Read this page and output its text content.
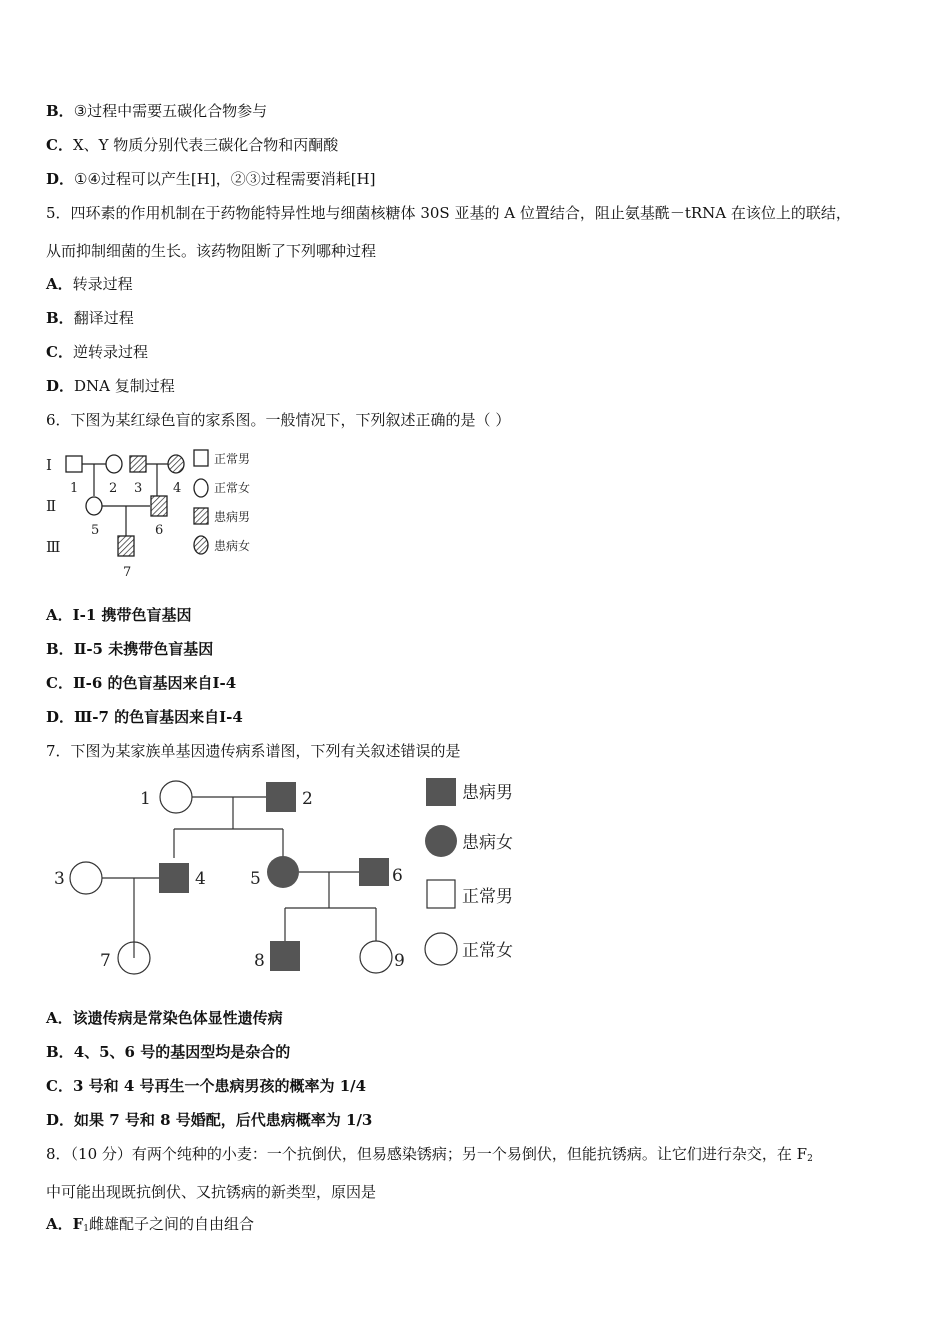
B．③过程中需要五碳化合物参与
C．X、Y 物质分别代表三碳化合物和丙酮酸
D．①④过程可以产生[H]，②③过程需要消耗[H]
5．四环素的作用机制在于药物能特异性地与细菌核糖体 30S 亚基的 A 位置结合，阻止氨基酰－tRNA 在该位上的联结，
从而抑制细菌的生长。该药物阻断了下列哪种过程
A．转录过程
B．翻译过程
C．逆转录过程
D．DNA 复制过程
6．下图为某红绿色盲的家系图。一般情况下，下列叙述正确的是（ ）
Ⅰ
Ⅱ
Ⅲ
1 2 3 4
5	6
7
正常男
正常女
患病男
患病女
A．Ⅰ-1 携带色盲基因
B．Ⅱ-5 未携带色盲基因
C．Ⅱ-6 的色盲基因来自Ⅰ-4
D．Ⅲ-7 的色盲基因来自Ⅰ-4
7．下图为某家族单基因遗传病系谱图，下列有关叙述错误的是
1	2
3	4	5	6
7	8	9
患病男
患病女
正常男
正常女
A．该遗传病是常染色体显性遗传病
B．4、5、6 号的基因型均是杂合的
C．3 号和 4 号再生一个患病男孩的概率为 1/4
D．如果 7 号和 8 号婚配，后代患病概率为 1/3
8．（10 分）有两个纯种的小麦：一个抗倒伏，但易感染锈病；另一个易倒伏，但能抗锈病。让它们进行杂交，在 $F_2$
中可能出现既抗倒伏、又抗锈病的新类型，原因是
A．$F_1$雌雄配子之间的自由组合
